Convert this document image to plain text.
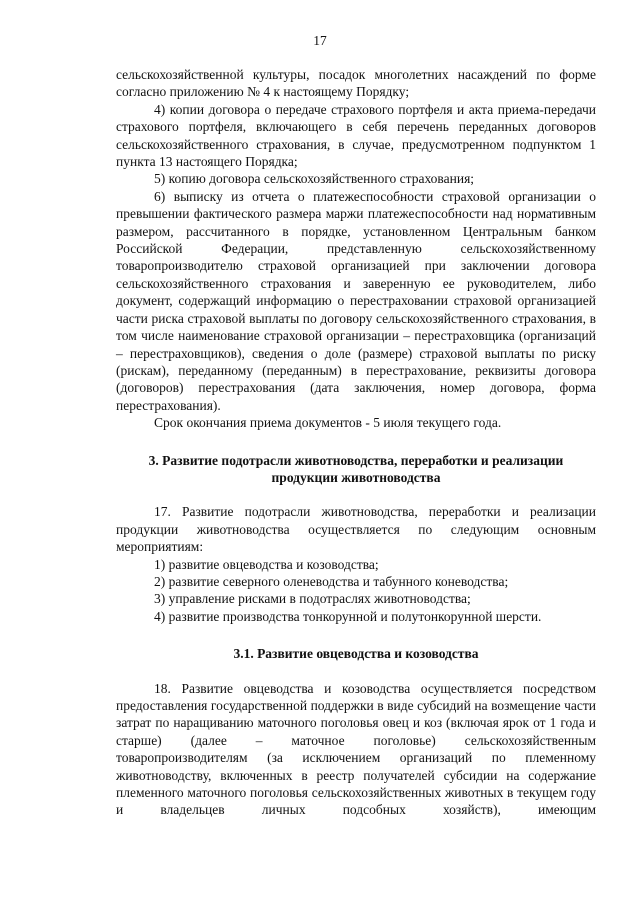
17

сельскохозяйственной культуры, посадок многолетних насаждений по форме согласно приложению № 4 к настоящему Порядку;

4) копии договора о передаче страхового портфеля и акта приема-передачи страхового портфеля, включающего в себя перечень переданных договоров сельскохозяйственного страхования, в случае, предусмотренном подпунктом 1 пункта 13 настоящего Порядка;

5) копию договора сельскохозяйственного страхования;

6) выписку из отчета о платежеспособности страховой организации о превышении фактического размера маржи платежеспособности над нормативным размером, рассчитанного в порядке, установленном Центральным банком Российской Федерации, представленную сельскохозяйственному товаропроизводителю страховой организацией при заключении договора сельскохозяйственного страхования и заверенную ее руководителем, либо документ, содержащий информацию о перестраховании страховой организацией части риска страховой выплаты по договору сельскохозяйственного страхования, в том числе наименование страховой организации – перестраховщика (организаций – перестраховщиков), сведения о доле (размере) страховой выплаты по риску (рискам), переданному (переданным) в перестрахование, реквизиты договора (договоров) перестрахования (дата заключения, номер договора, форма перестрахования).

Срок окончания приема документов - 5 июля текущего года.

3. Развитие подотрасли животноводства, переработки и реализации продукции животноводства

17. Развитие подотрасли животноводства, переработки и реализации продукции животноводства осуществляется по следующим основным мероприятиям:

1) развитие овцеводства и козоводства;

2) развитие северного оленеводства и табунного коневодства;

3) управление рисками в подотраслях животноводства;

4) развитие производства тонкорунной и полутонкорунной шерсти.

3.1. Развитие овцеводства и козоводства

18. Развитие овцеводства и козоводства осуществляется посредством предоставления государственной поддержки в виде субсидий на возмещение части затрат по наращиванию маточного поголовья овец и коз (включая ярок от 1 года и старше) (далее – маточное поголовье) сельскохозяйственным товаропроизводителям (за исключением организаций по племенному животноводству, включенных в реестр получателей субсидии на содержание племенного маточного поголовья сельскохозяйственных животных в текущем году и владельцев личных подсобных хозяйств), имеющим
